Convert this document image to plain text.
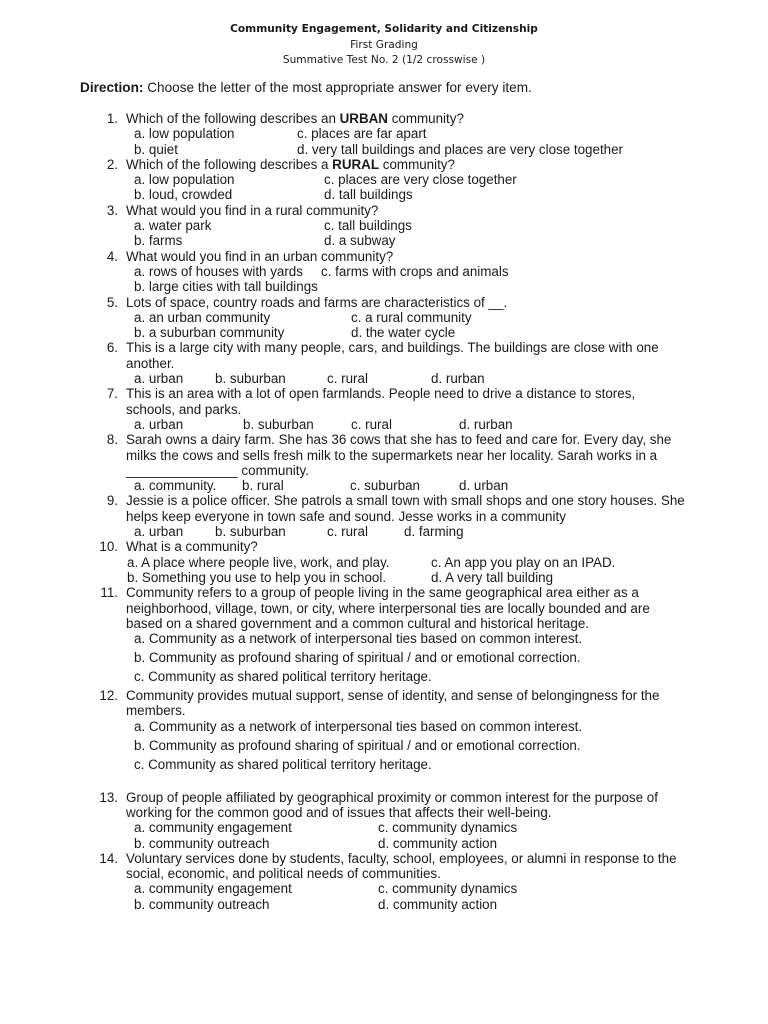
Community Engagement, Solidarity and Citizenship
First Grading
Summative Test No. 2 (1/2 crosswise )
Direction: Choose the letter of the most appropriate answer for every item.
1. Which of the following describes an URBAN community?
a. low population	c. places are far apart
b. quiet	d. very tall buildings and places are very close together
2. Which of the following describes a RURAL community?
a. low population	c. places are very close together
b. loud, crowded	d. tall buildings
3. What would you find in a rural community?
a. water park	c. tall buildings
b. farms	d. a subway
4. What would you find in an urban community?
a. rows of houses with yards c. farms with crops and animals
b. large cities with tall buildings
5. Lots of space, country roads and farms are characteristics of __.
a. an urban community	c. a rural community
b. a suburban community	d. the water cycle
6. This is a large city with many people, cars, and buildings. The buildings are close with one another.
a. urban b. suburban	c. rural	d. rurban
7. This is an area with a lot of open farmlands. People need to drive a distance to stores, schools, and parks.
a. urban	b. suburban	c. rural	d. rurban
8. Sarah owns a dairy farm. She has 36 cows that she has to feed and care for. Every day, she milks the cows and sells fresh milk to the supermarkets near her locality. Sarah works in a _______________ community.
a. community. b. rural	c. suburban	d. urban
9. Jessie is a police officer. She patrols a small town with small shops and one story houses. She helps keep everyone in town safe and sound. Jesse works in a community
a. urban b. suburban	c. rural	d. farming
10. What is a community?
a. A place where people live, work, and play.	c. An app you play on an IPAD.
b. Something you use to help you in school.	d. A very tall building
11. Community refers to a group of people living in the same geographical area either as a neighborhood, village, town, or city, where interpersonal ties are locally bounded and are based on a shared government and a common cultural and historical heritage.
a. Community as a network of interpersonal ties based on common interest.
b. Community as profound sharing of spiritual / and or emotional correction.
c. Community as shared political territory heritage.
12. Community provides mutual support, sense of identity, and sense of belongingness for the members.
a. Community as a network of interpersonal ties based on common interest.
b. Community as profound sharing of spiritual / and or emotional correction.
c. Community as shared political territory heritage.
13. Group of people affiliated by geographical proximity or common interest for the purpose of working for the common good and of issues that affects their well-being.
a. community engagement	c. community dynamics
b. community outreach	d. community action
14. Voluntary services done by students, faculty, school, employees, or alumni in response to the social, economic, and political needs of communities.
a. community engagement	c. community dynamics
b. community outreach	d. community action
